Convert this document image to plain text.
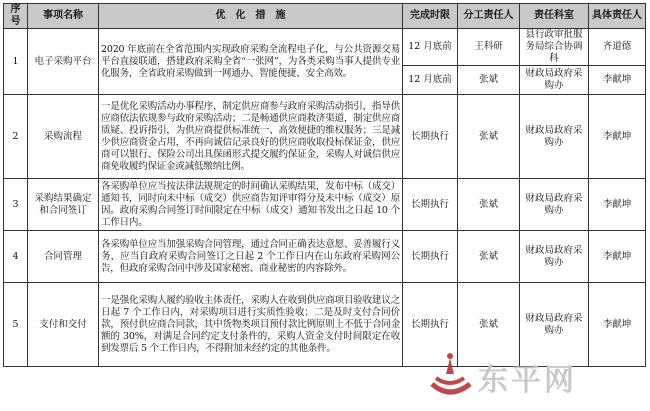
序号	事项名称	优　化　措　施	完成时限	分工责任人	责任科室	具体责任人
1	电子采购平台	2020 年底前在全省范围内实现政府采购全流程电子化，与公共资源交易平台直接联通，搭建政府采购全省“一张网”，为各类采购当事人提供专业化服务，全省政府采购做到一网通办、智能便捷、安全高效。	12 月底前	王科研	县行政审批服务局综合协调科	齐道德
			12 月底前	张斌	财政局政府采购办	李献坤
2	采购流程	一是优化采购活动办事程序，制定供应商参与政府采购活动指引，指导供应商依法依规参与政府采购活动；二是畅通供应商救济渠道，制定供应商质疑、投诉指引，为供应商提供标准统一、高效便捷的维权服务；三是减少供应商资金占用，不再向诚信记录良好的供应商收取投标保证金，供应商可以银行、保险公司出具保函形式提交履约保证金，采购人对诚信供应商免收履约保证金或减低缴纳比例。	长期执行	张斌	财政局政府采购办	李献坤
3	采购结果确定和合同签订	各采购单位应当按法律法规规定的时间确认采购结果，发布中标（成交）通知书，同时向未中标（成交）供应商告知评审得分及未中标（成交）原因。政府采购合同签订时间限定在中标（成交）通知书发出之日起 10 个工作日内。	长期执行	张斌	财政局政府采购办	李献坤
4	合同管理	各采购单位应当加强采购合同管理，通过合同正确表达意愿、妥善履行义务，应当自政府采购合同签订之日起 2 个工作日内在山东政府采购网公告，但政府采购合同中涉及国家秘密、商业秘密的内容除外。	长期执行	张斌	财政局政府采购办	李献坤
5	支付和交付	一是强化采购人履约验收主体责任，采购人在收到供应商项目验收建议之日起 7 个工作日内，对采购项目进行实质性验收；二是及时支付合同价款，预付供应商合同款，其中货物类项目预付款比例原则上不低于合同金额的 30%，对满足合同约定支付条件的，采购人资金支付时间限定在收到发票后 5 个工作日内，不得附加未经约定的其他条件。	长期执行	张斌	财政局政府采购办	李献坤
东平网
